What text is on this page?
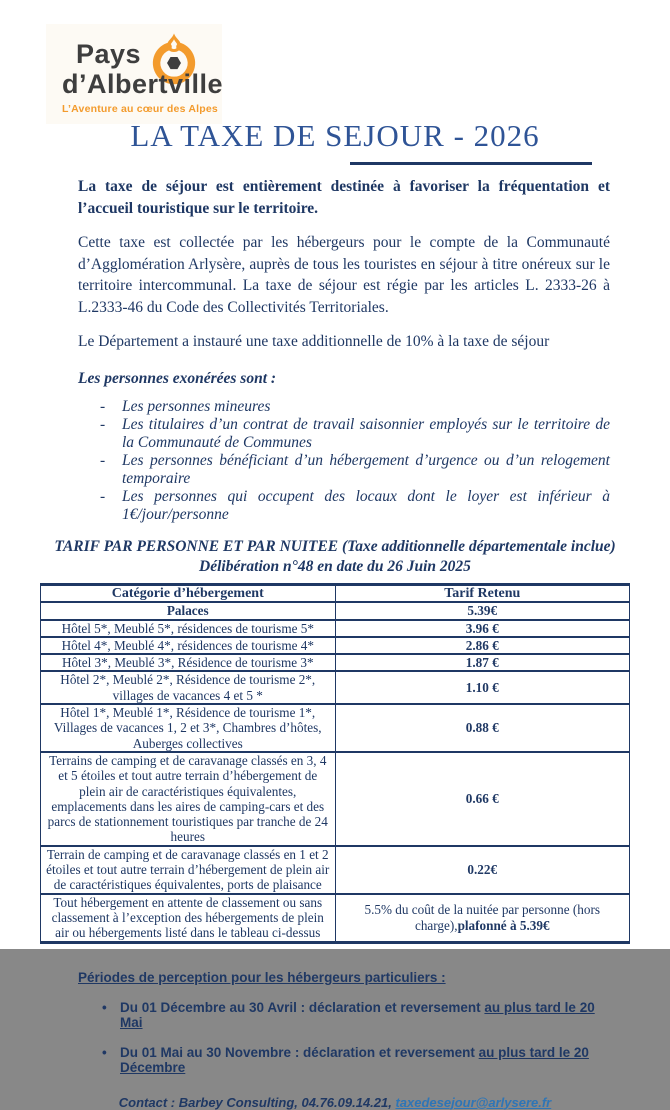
Pays
d’Albertville
L’Aventure au cœur des Alpes
LA TAXE DE SEJOUR - 2026

La taxe de séjour est entièrement destinée à favoriser la fréquentation et l’accueil touristique sur le territoire.

Cette taxe est collectée par les hébergeurs pour le compte de la Communauté d’Agglomération Arlysère, auprès de tous les touristes en séjour à titre onéreux sur le territoire intercommunal. La taxe de séjour est régie par les articles L. 2333-26 à L.2333-46 du Code des Collectivités Territoriales.

Le Département a instauré une taxe additionnelle de 10% à la taxe de séjour

Les personnes exonérées sont :
-	Les personnes mineures
-	Les titulaires d’un contrat de travail saisonnier employés sur le territoire de la Communauté de Communes
-	Les personnes bénéficiant d’un hébergement d’urgence ou d’un relogement temporaire
-	Les personnes qui occupent des locaux dont le loyer est inférieur à 1€/jour/personne
TARIF PAR PERSONNE ET PAR NUITEE (Taxe additionnelle départementale inclue)
Délibération n°48 en date du 26 Juin 2025
Catégorie d’hébergement	Tarif Retenu
Palaces	5.39€
Hôtel 5*, Meublé 5*, résidences de tourisme 5*	3.96 €
Hôtel 4*, Meublé 4*, résidences de tourisme 4*	2.86 €
Hôtel 3*, Meublé 3*, Résidence de tourisme 3*	1.87 €
Hôtel 2*, Meublé 2*, Résidence de tourisme 2*, villages de vacances 4 et 5 *	1.10 €
Hôtel 1*, Meublé 1*, Résidence de tourisme 1*, Villages de vacances 1, 2 et 3*, Chambres d’hôtes, Auberges collectives	0.88 €
Terrains de camping et de caravanage classés en 3, 4 et 5 étoiles et tout autre terrain d’hébergement de plein air de caractéristiques équivalentes, emplacements dans les aires de camping-cars et des parcs de stationnement touristiques par tranche de 24 heures	0.66 €
Terrain de camping et de caravanage classés en 1 et 2 étoiles et tout autre terrain d’hébergement de plein air de caractéristiques équivalentes, ports de plaisance	0.22€
Tout hébergement en attente de classement ou sans classement à l’exception des hébergements de plein air ou hébergements listé dans le tableau ci-dessus	5.5% du coût de la nuitée par personne (hors charge),plafonné à 5.39€
Périodes de perception pour les hébergeurs particuliers :
• Du 01 Décembre au 30 Avril : déclaration et reversement au plus tard le 20 Mai
• Du 01 Mai au 30 Novembre : déclaration et reversement au plus tard le 20 Décembre
Contact : Barbey Consulting, 04.76.09.14.21, taxedesejour@arlysere.fr
